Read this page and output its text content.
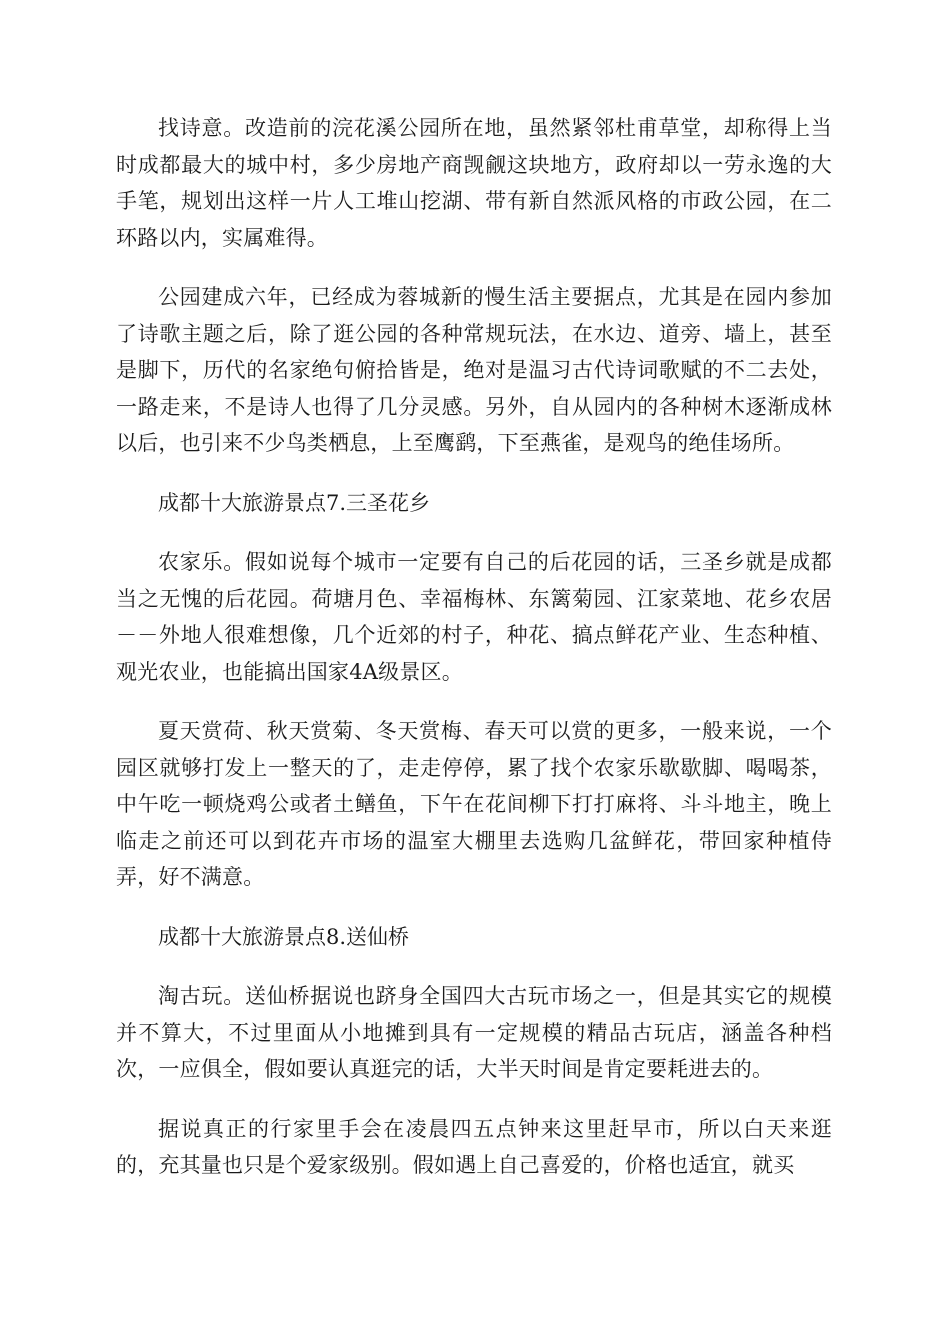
找诗意。改造前的浣花溪公园所在地，虽然紧邻杜甫草堂，却称得上当时成都最大的城中村，多少房地产商觊觎这块地方，政府却以一劳永逸的大手笔，规划出这样一片人工堆山挖湖、带有新自然派风格的市政公园，在二环路以内，实属难得。

公园建成六年，已经成为蓉城新的慢生活主要据点，尤其是在园内参加了诗歌主题之后，除了逛公园的各种常规玩法，在水边、道旁、墙上，甚至是脚下，历代的名家绝句俯拾皆是，绝对是温习古代诗词歌赋的不二去处，一路走来，不是诗人也得了几分灵感。另外，自从园内的各种树木逐渐成林以后，也引来不少鸟类栖息，上至鹰鹞，下至燕雀，是观鸟的绝佳场所。

成都十大旅游景点7.三圣花乡

农家乐。假如说每个城市一定要有自己的后花园的话，三圣乡就是成都当之无愧的后花园。荷塘月色、幸福梅林、东篱菊园、江家菜地、花乡农居－－外地人很难想像，几个近郊的村子，种花、搞点鲜花产业、生态种植、观光农业，也能搞出国家4A级景区。

夏天赏荷、秋天赏菊、冬天赏梅、春天可以赏的更多，一般来说，一个园区就够打发上一整天的了，走走停停，累了找个农家乐歇歇脚、喝喝茶，中午吃一顿烧鸡公或者土鳝鱼，下午在花间柳下打打麻将、斗斗地主，晚上临走之前还可以到花卉市场的温室大棚里去选购几盆鲜花，带回家种植侍弄，好不满意。

成都十大旅游景点8.送仙桥

淘古玩。送仙桥据说也跻身全国四大古玩市场之一，但是其实它的规模并不算大，不过里面从小地摊到具有一定规模的精品古玩店，涵盖各种档次，一应俱全，假如要认真逛完的话，大半天时间是肯定要耗进去的。

据说真正的行家里手会在凌晨四五点钟来这里赶早市，所以白天来逛的，充其量也只是个爱家级别。假如遇上自己喜爱的，价格也适宜，就买
